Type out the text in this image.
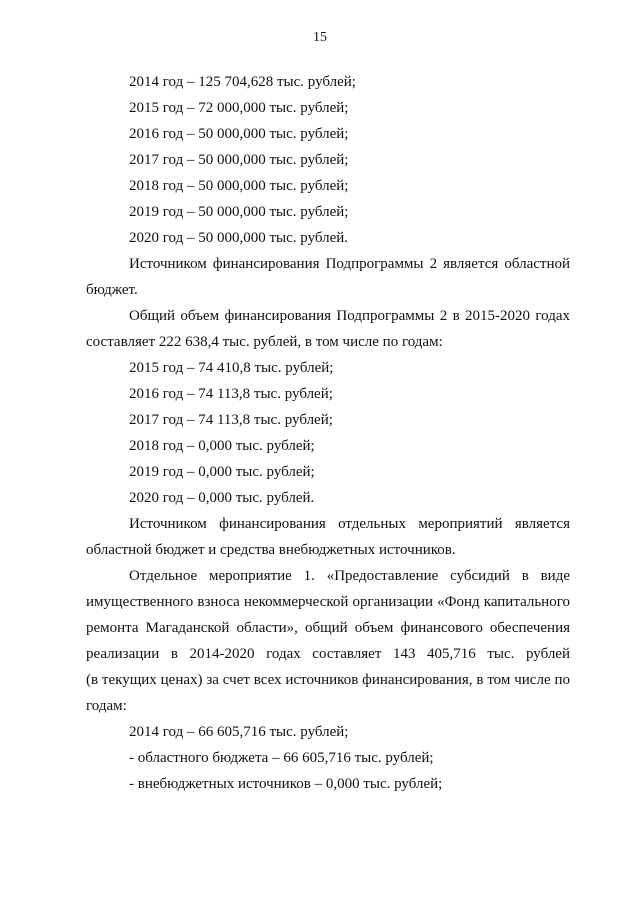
15

2014 год – 125 704,628 тыс. рублей;

2015 год – 72 000,000 тыс. рублей;

2016 год – 50 000,000 тыс. рублей;

2017 год – 50 000,000 тыс. рублей;

2018 год – 50 000,000 тыс. рублей;

2019 год – 50 000,000 тыс. рублей;

2020 год – 50 000,000 тыс. рублей.

Источником финансирования Подпрограммы 2 является областной
бюджет.

Общий объем финансирования Подпрограммы 2 в 2015-2020 годах
составляет 222 638,4 тыс. рублей, в том числе по годам:

2015 год – 74 410,8 тыс. рублей;

2016 год – 74 113,8 тыс. рублей;

2017 год – 74 113,8 тыс. рублей;

2018 год – 0,000 тыс. рублей;

2019 год – 0,000 тыс. рублей;

2020 год – 0,000 тыс. рублей.

Источником финансирования отдельных мероприятий является
областной бюджет и средства внебюджетных источников.

Отдельное мероприятие 1. «Предоставление субсидий в виде
имущественного взноса некоммерческой организации «Фонд капитального
ремонта Магаданской области», общий объем финансового обеспечения
реализации в 2014-2020 годах составляет 143 405,716 тыс. рублей
(в текущих ценах) за счет всех источников финансирования, в том числе по
годам:

2014 год – 66 605,716 тыс. рублей;

- областного бюджета – 66 605,716 тыс. рублей;

- внебюджетных источников – 0,000 тыс. рублей;
